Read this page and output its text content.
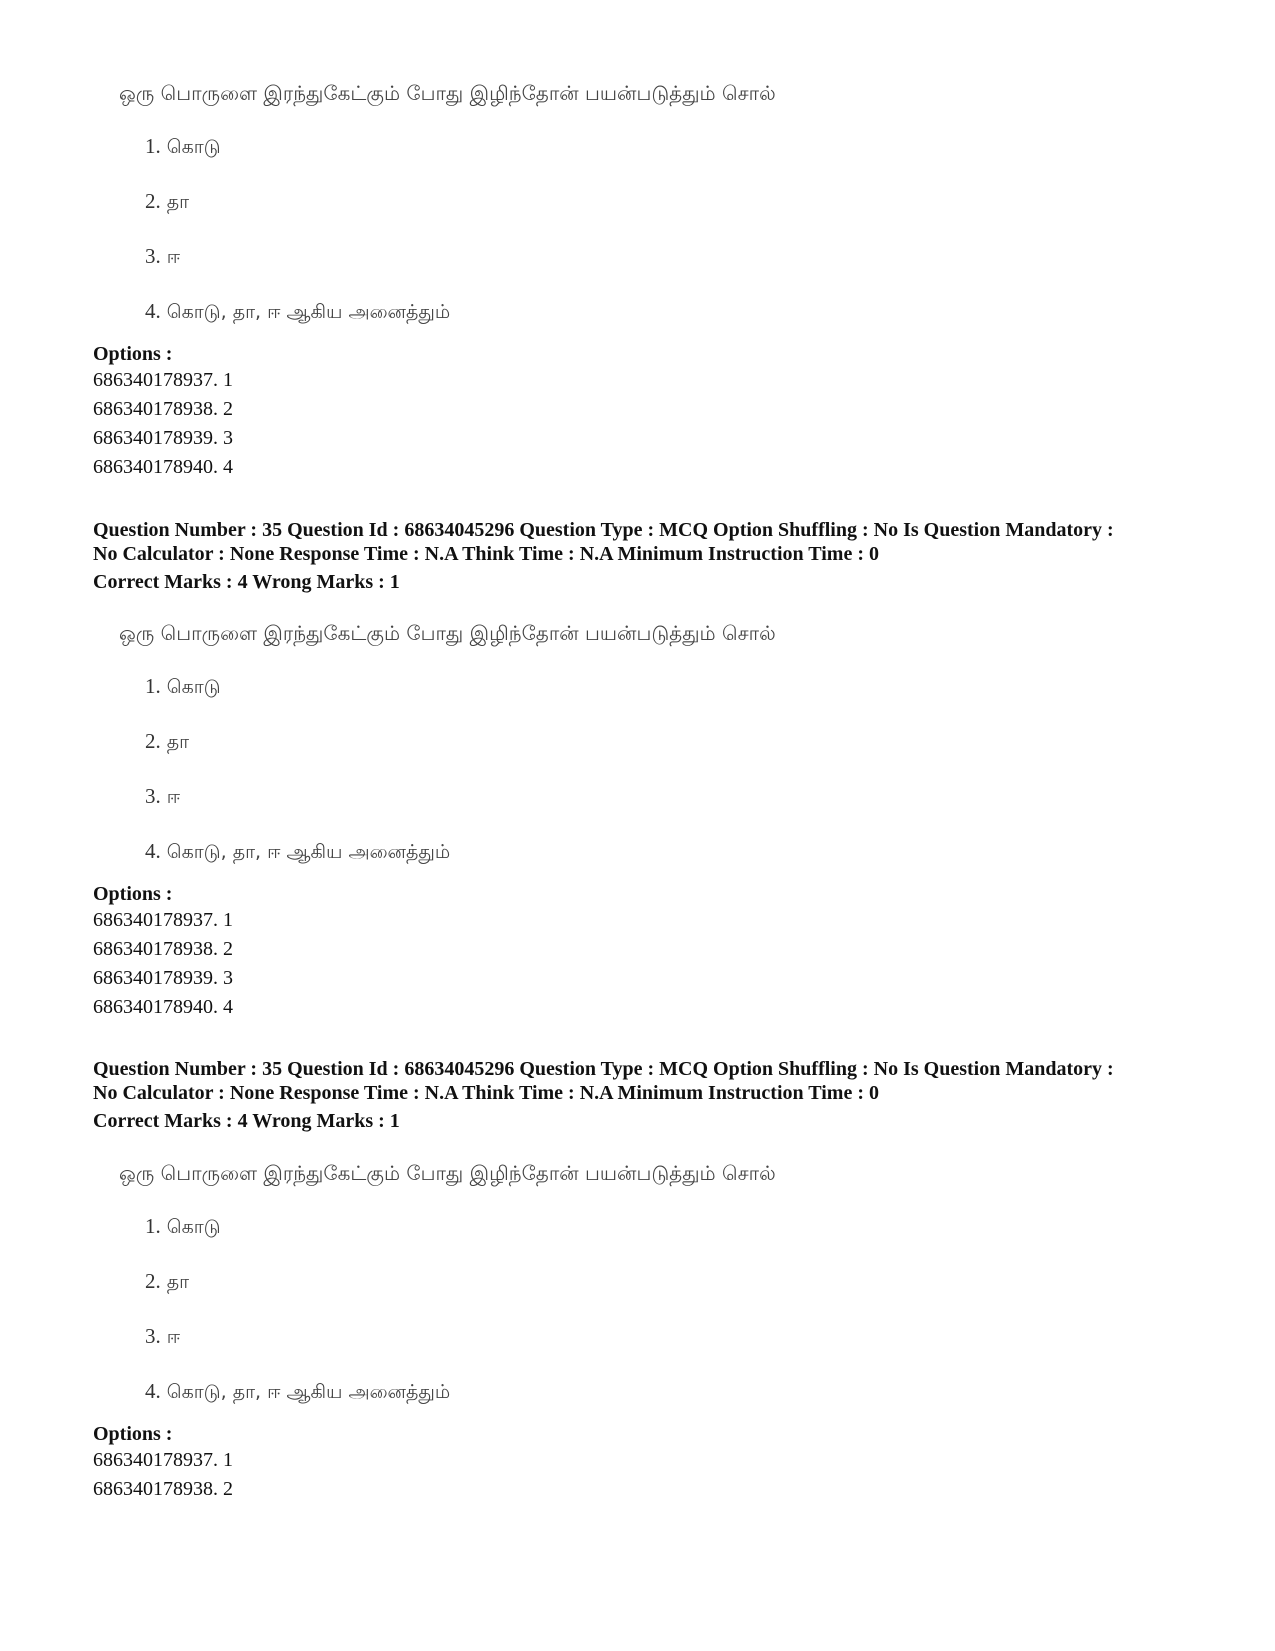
ஒரு பொருளை இரந்துகேட்கும் போது இழிந்தோன் பயன்படுத்தும் சொல்
1. கொடு
2. தா
3. ஈ
4. கொடு, தா, ஈ ஆகிய அனைத்தும்
Options :
686340178937. 1
686340178938. 2
686340178939. 3
686340178940. 4
Question Number : 35 Question Id : 68634045296 Question Type : MCQ Option Shuffling : No Is Question Mandatory :
No Calculator : None Response Time : N.A Think Time : N.A Minimum Instruction Time : 0
Correct Marks : 4 Wrong Marks : 1
ஒரு பொருளை இரந்துகேட்கும் போது இழிந்தோன் பயன்படுத்தும் சொல்
1. கொடு
2. தா
3. ஈ
4. கொடு, தா, ஈ ஆகிய அனைத்தும்
Options :
686340178937. 1
686340178938. 2
686340178939. 3
686340178940. 4
Question Number : 35 Question Id : 68634045296 Question Type : MCQ Option Shuffling : No Is Question Mandatory :
No Calculator : None Response Time : N.A Think Time : N.A Minimum Instruction Time : 0
Correct Marks : 4 Wrong Marks : 1
ஒரு பொருளை இரந்துகேட்கும் போது இழிந்தோன் பயன்படுத்தும் சொல்
1. கொடு
2. தா
3. ஈ
4. கொடு, தா, ஈ ஆகிய அனைத்தும்
Options :
686340178937. 1
686340178938. 2
